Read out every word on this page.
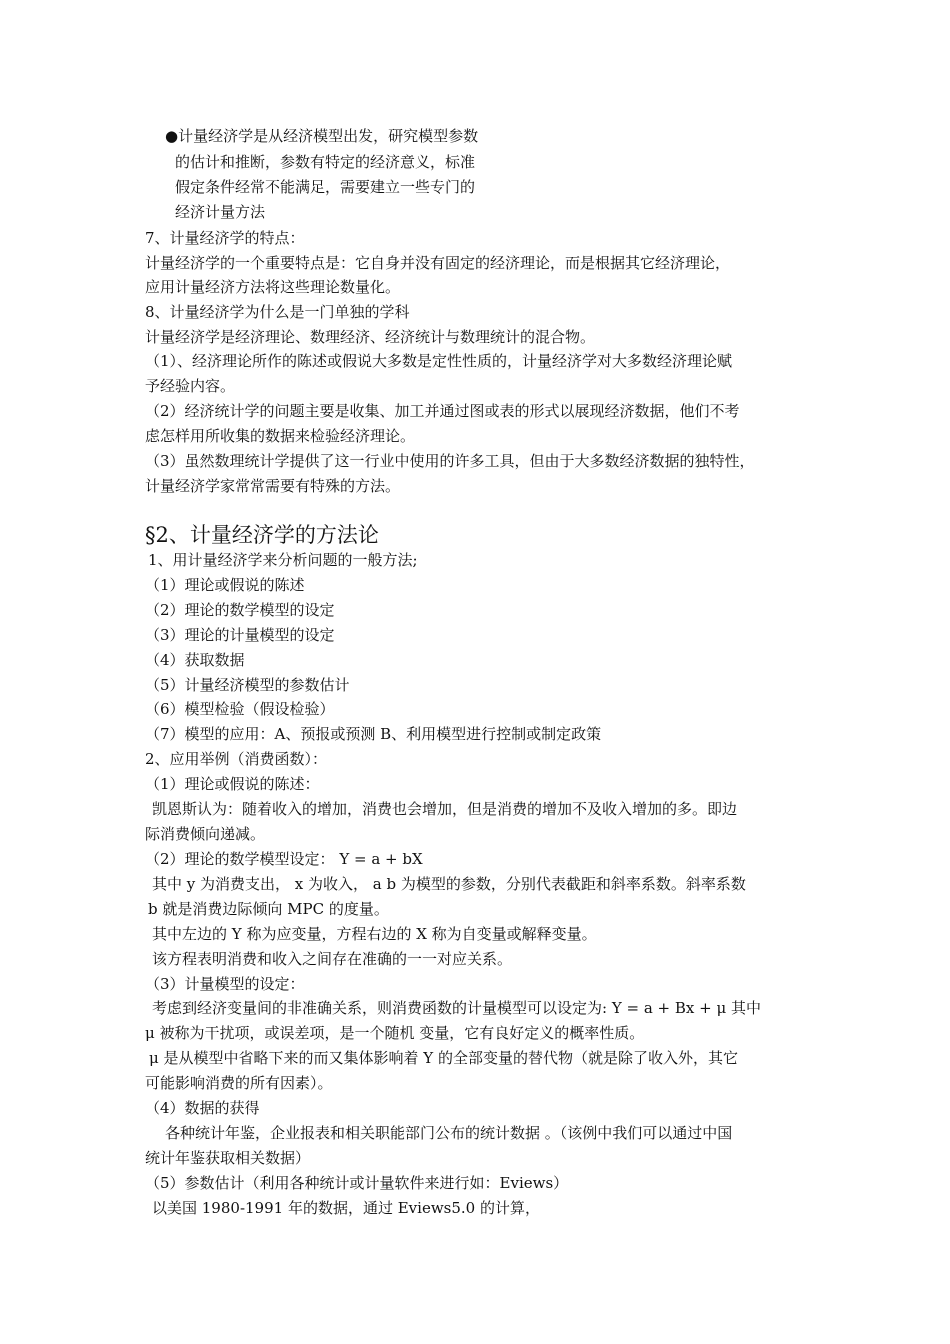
●计量经济学是从经济模型出发，研究模型参数
的估计和推断，参数有特定的经济意义，标准
假定条件经常不能满足，需要建立一些专门的
经济计量方法
7、计量经济学的特点：
计量经济学的一个重要特点是：它自身并没有固定的经济理论，而是根据其它经济理论，
应用计量经济方法将这些理论数量化。
8、计量经济学为什么是一门单独的学科
计量经济学是经济理论、数理经济、经济统计与数理统计的混合物。
（1）、经济理论所作的陈述或假说大多数是定性性质的，计量经济学对大多数经济理论赋
予经验内容。
（2）经济统计学的问题主要是收集、加工并通过图或表的形式以展现经济数据，他们不考
虑怎样用所收集的数据来检验经济理论。
（3）虽然数理统计学提供了这一行业中使用的许多工具，但由于大多数经济数据的独特性，
计量经济学家常常需要有特殊的方法。
§2、计量经济学的方法论
1、用计量经济学来分析问题的一般方法;
（1）理论或假说的陈述
（2）理论的数学模型的设定
（3）理论的计量模型的设定
（4）获取数据
（5）计量经济模型的参数估计
（6）模型检验（假设检验）
（7）模型的应用：A、预报或预测 B、利用模型进行控制或制定政策
2、应用举例（消费函数）：
（1）理论或假说的陈述：
凯恩斯认为：随着收入的增加，消费也会增加，但是消费的增加不及收入增加的多。即边
际消费倾向递减。
（2）理论的数学模型设定： Y = a + bX
其中 y 为消费支出， x 为收入， a b 为模型的参数，分别代表截距和斜率系数。斜率系数
b 就是消费边际倾向 MPC 的度量。
其中左边的 Y 称为应变量，方程右边的 X 称为自变量或解释变量。
该方程表明消费和收入之间存在准确的一一对应关系。
（3）计量模型的设定：
考虑到经济变量间的非准确关系，则消费函数的计量模型可以设定为: Y = a + Bx + μ 其中
μ 被称为干扰项，或误差项，是一个随机 变量，它有良好定义的概率性质。
μ 是从模型中省略下来的而又集体影响着 Y 的全部变量的替代物（就是除了收入外，其它
可能影响消费的所有因素）。
（4）数据的获得
各种统计年鉴，企业报表和相关职能部门公布的统计数据 。（该例中我们可以通过中国
统计年鉴获取相关数据）
（5）参数估计（利用各种统计或计量软件来进行如：Eviews）
以美国 1980-1991 年的数据，通过 Eviews5.0 的计算，
